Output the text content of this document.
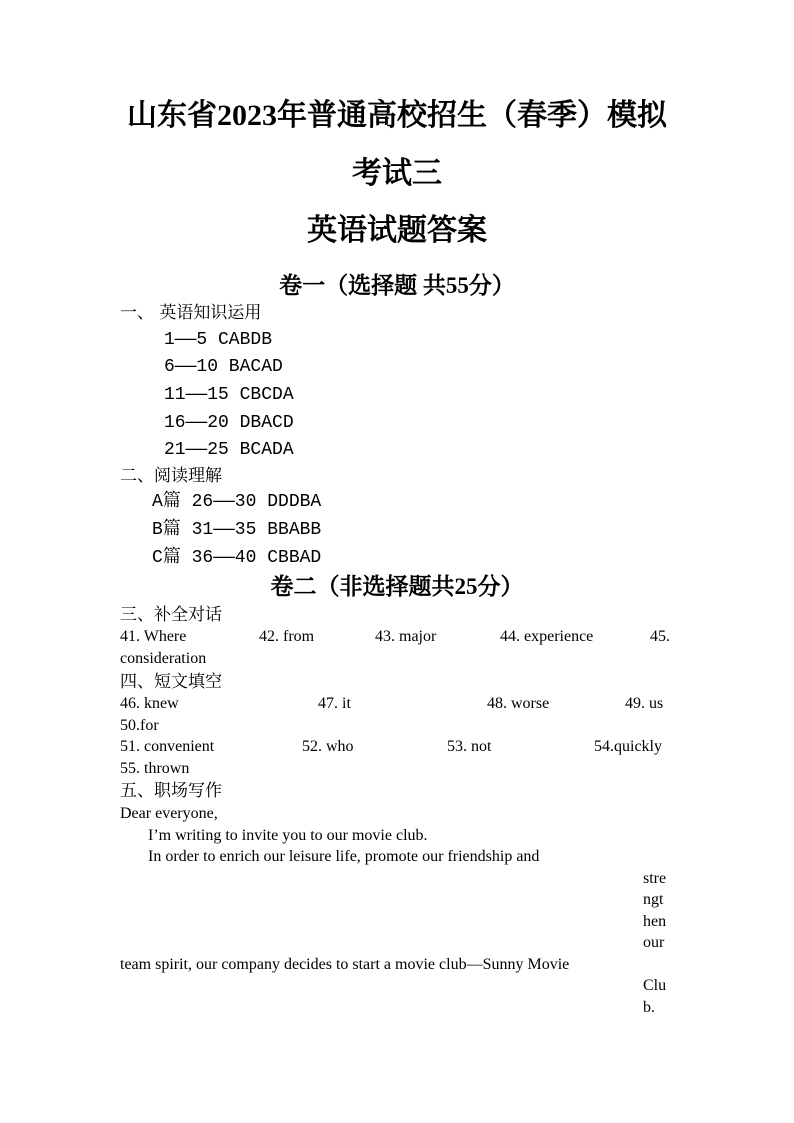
山东省2023年普通高校招生（春季）模拟
考试三
英语试题答案
卷一（选择题 共55分）
一、 英语知识运用
1——5 CABDB
6——10 BACAD
11——15 CBCDA
16——20 DBACD
21——25 BCADA
二、阅读理解
A篇 26——30 DDDBA
B篇 31——35 BBABB
C篇 36——40 CBBAD
卷二（非选择题共25分）
三、补全对话
41. Where	42. from	43. major	44. experience	45.
consideration
四、短文填空
46. knew	47. it	48. worse	49. us
50.for
51. convenient	52. who	53. not	54.quickly
55. thrown
五、职场写作
Dear everyone,
I’m writing to invite you to our movie club.
In order to enrich our leisure life, promote our friendship and
stre
ngt
hen
our
team spirit, our company decides to start a movie club—Sunny Movie
Clu
b.
